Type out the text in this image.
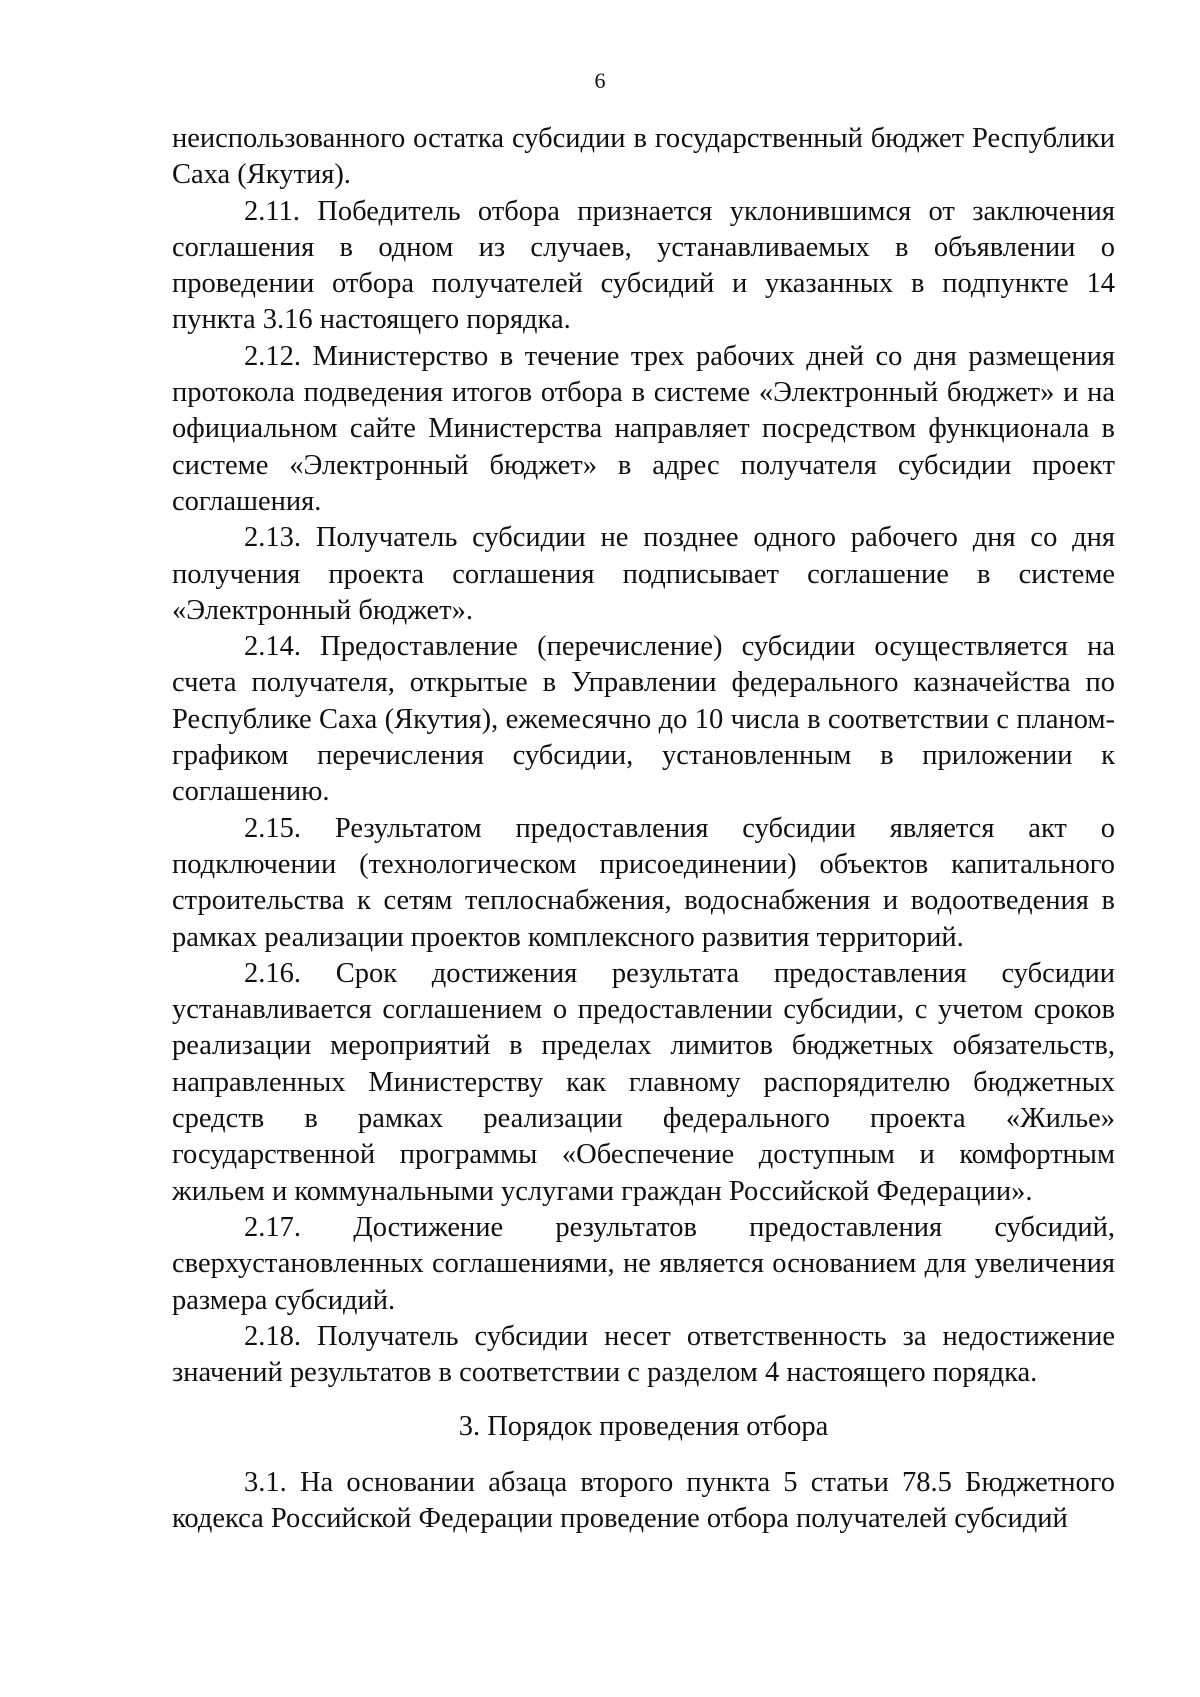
6

неиспользованного остатка субсидии в государственный бюджет Республики Саха (Якутия).

2.11. Победитель отбора признается уклонившимся от заключения соглашения в одном из случаев, устанавливаемых в объявлении о проведении отбора получателей субсидий и указанных в подпункте 14 пункта 3.16 настоящего порядка.

2.12. Министерство в течение трех рабочих дней со дня размещения протокола подведения итогов отбора в системе «Электронный бюджет» и на официальном сайте Министерства направляет посредством функционала в системе «Электронный бюджет» в адрес получателя субсидии проект соглашения.

2.13. Получатель субсидии не позднее одного рабочего дня со дня получения проекта соглашения подписывает соглашение в системе «Электронный бюджет».

2.14. Предоставление (перечисление) субсидии осуществляется на счета получателя, открытые в Управлении федерального казначейства по Республике Саха (Якутия), ежемесячно до 10 числа в соответствии с планом-графиком перечисления субсидии, установленным в приложении к соглашению.

2.15. Результатом предоставления субсидии является акт о подключении (технологическом присоединении) объектов капитального строительства к сетям теплоснабжения, водоснабжения и водоотведения в рамках реализации проектов комплексного развития территорий.

2.16. Срок достижения результата предоставления субсидии устанавливается соглашением о предоставлении субсидии, с учетом сроков реализации мероприятий в пределах лимитов бюджетных обязательств, направленных Министерству как главному распорядителю бюджетных средств в рамках реализации федерального проекта «Жилье» государственной программы «Обеспечение доступным и комфортным жильем и коммунальными услугами граждан Российской Федерации».

2.17. Достижение результатов предоставления субсидий, сверхустановленных соглашениями, не является основанием для увеличения размера субсидий.

2.18. Получатель субсидии несет ответственность за недостижение значений результатов в соответствии с разделом 4 настоящего порядка.

3. Порядок проведения отбора

3.1. На основании абзаца второго пункта 5 статьи 78.5 Бюджетного кодекса Российской Федерации проведение отбора получателей субсидий
